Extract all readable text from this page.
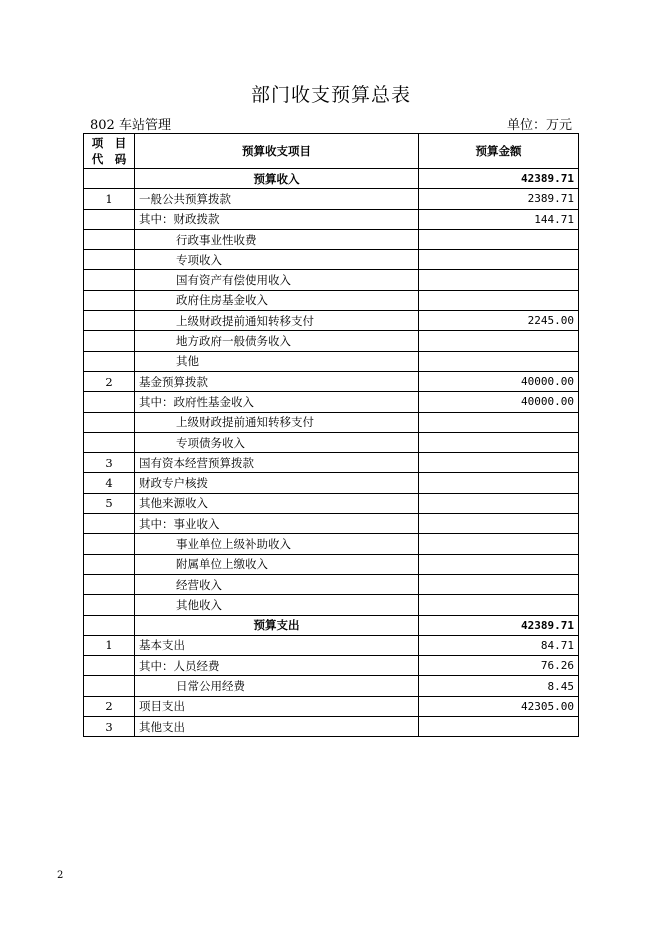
部门收支预算总表
802 车站管理	单位：万元
项　目
代　码	预算收支项目	预算金额
	预算收入	42389.71
1	一般公共预算拨款	2389.71
	其中：财政拨款	144.71
	行政事业性收费	
	专项收入	
	国有资产有偿使用收入	
	政府住房基金收入	
	上级财政提前通知转移支付	2245.00
	地方政府一般债务收入	
	其他	
2	基金预算拨款	40000.00
	其中：政府性基金收入	40000.00
	上级财政提前通知转移支付	
	专项债务收入	
3	国有资本经营预算拨款	
4	财政专户核拨	
5	其他来源收入	
	其中：事业收入	
	事业单位上级补助收入	
	附属单位上缴收入	
	经营收入	
	其他收入	
	预算支出	42389.71
1	基本支出	84.71
	其中：人员经费	76.26
	日常公用经费	8.45
2	项目支出	42305.00
3	其他支出	
2
